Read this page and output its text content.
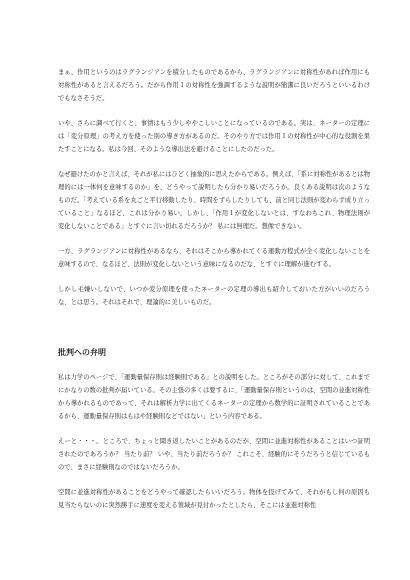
まぁ、作用というのはラグランジアンを積分したものであるから、ラグランジアンに対称性があれば作用にも対称性があると言えるだろう。だから作用１の対称性を強調するような説明が簡潔に良いだろうといいるわけでもなさそうだ。

いや、さらに調べて行くと、事情はもう少しややこしいことになっているのである。実は、ネーターの定理には「変分原理」の考え方を使った別の導き方があるのだ。そのやり方では作用１の対称性が中心的な役割を果たすことになる。私は今回、そのような導出法を避けることにしたのだった。

なぜ避けたのかと言えば、それが私にはひどく抽象的に思えたからである。例えば、「系に対称性があるとは物理的には一体何を意味するのか」を、どうやって説明したら分かり易いだろうか。良くある説明は次のようなものだ。「考えている系を丸ごと平行移動したり、時間をずらしたりしても、前と同じ法則が変わらず成り立っていること」なるほど、これは分かり易い。しかし、「作用１が変化しないとは、すなわちこれ、物理法則が変化しないことである」とすぐに言い切れるだろうか？ 私には無理だ。想像できない。

一方、ラグランジアンに対称性があるなら、それはそこから導かれてくる運動方程式が全く変化しないことを意味するので、なるほど、法則が変化しないという意味になるのだな、とすぐに理解が進むする。

しかし毛嫌いしないで、いつか変分原理を使ったネーターの定理の導出も紹介しておいた方がいいのだろうな、とは思う。それはそれで、理論的に美しいものだ。

批判への弁明

私は力学のページで、「運動量保存則は経験則である」との説明をした。ところがその部分に対して、これまでにかなりの数の批判が届いている。その主張の多くは要するに、「運動量保存則というのは、空間の並進対称性から導かれるものであって、それは解析力学に出てくるネーターの定理から数学的に証明されていることであるから、運動量保存則はもはや経験則などではない」という内容である。

えーと・・・。ところで、ちょっと聞き返したいことがあるのだが、空間に並進対称性があることはいつ証明されたのであろうか？ 当たり前？ いや、当たり前だろうか？ これこそ、経験的にそうだろうと信じているもので、まさに経験則なのではないだろうか。

空間に並進対称性があることをどうやって確認したらいいだろう。物体を投げてみて、それがもし何の原因も見当たらないのに突然勝手に速度を変える領域が見付かったとしたら、そこには並進対称性
